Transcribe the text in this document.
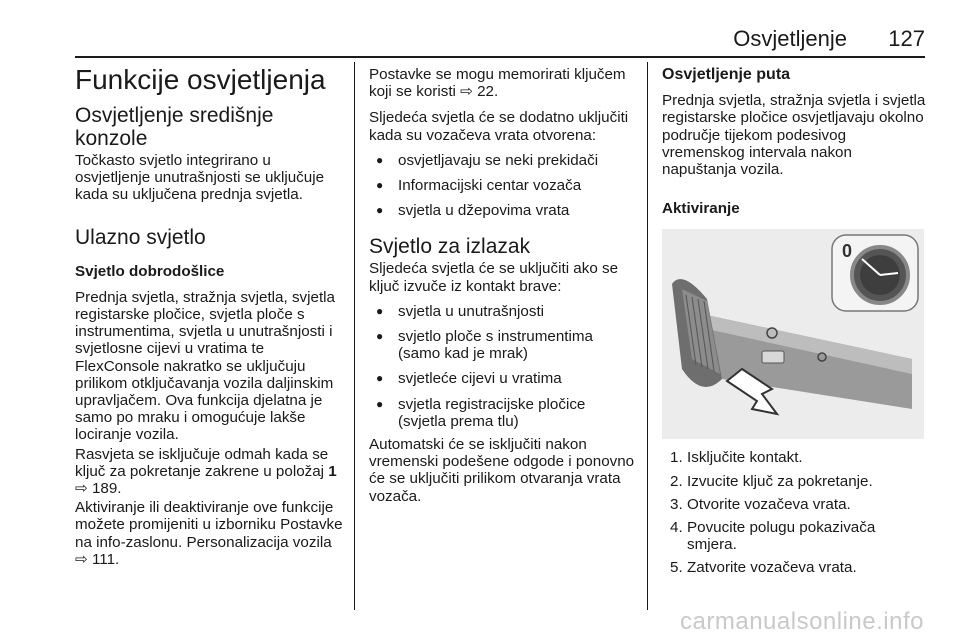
Osvjetljenje 127
Funkcije osvjetljenja
Osvjetljenje središnje konzole

Točkasto svjetlo integrirano u osvjetljenje unutrašnjosti se uključuje kada su uključena prednja svjetla.

Ulazno svjetlo
Svjetlo dobrodošlice

Prednja svjetla, stražnja svjetla, svjetla registarske pločice, svjetla ploče s instrumentima, svjetla u unutrašnjosti i svjetlosne cijevi u vratima te FlexConsole nakratko se uključuju prilikom otključavanja vozila daljinskim upravljačem. Ova funkcija djelatna je samo po mraku i omogućuje lakše lociranje vozila.

Rasvjeta se isključuje odmah kada se ključ za pokretanje zakrene u položaj 1 ⇨ 189.

Aktiviranje ili deaktiviranje ove funkcije možete promijeniti u izborniku Postavke na info-zaslonu. Personalizacija vozila ⇨ 111.

Postavke se mogu memorirati ključem koji se koristi ⇨ 22.

Sljedeća svjetla će se dodatno uključiti kada su vozačeva vrata otvorena:

● osvjetljavaju se neki prekidači
● Informacijski centar vozača
● svjetla u džepovima vrata
Svjetlo za izlazak

Sljedeća svjetla će se uključiti ako se ključ izvuče iz kontakt brave:

● svjetla u unutrašnjosti
● svjetlo ploče s instrumentima (samo kad je mrak)
● svjetleće cijevi u vratima
● svjetla registracijske pločice (svjetla prema tlu)

Automatski će se isključiti nakon vremenski podešene odgode i ponovno će se uključiti prilikom otvaranja vrata vozača.

Osvjetljenje puta

Prednja svjetla, stražnja svjetla i svjetla registarske pločice osvjetljavaju okolno područje tijekom podesivog vremenskog intervala nakon napuštanja vozila.

Aktiviranje
0
1. Isključite kontakt.
2. Izvucite ključ za pokretanje.
3. Otvorite vozačeva vrata.
4. Povucite polugu pokazivača smjera.
5. Zatvorite vozačeva vrata.
carmanualsonline.info
